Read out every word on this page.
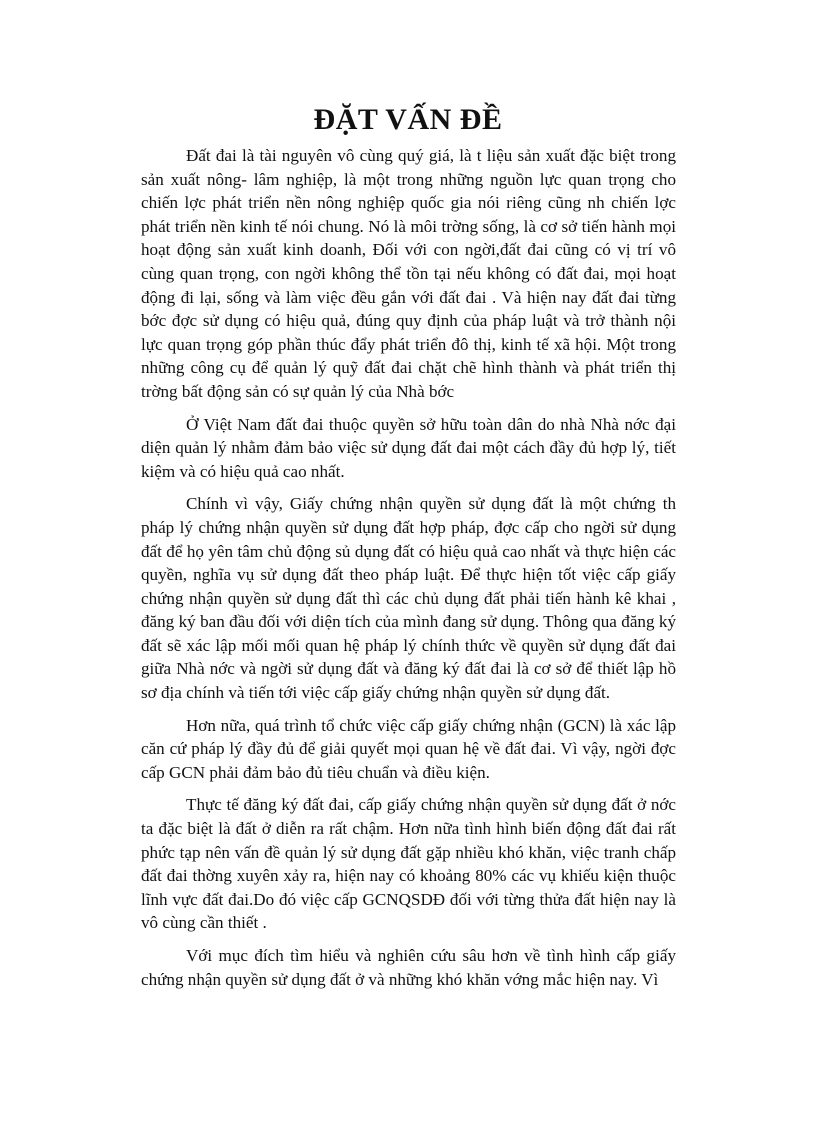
ĐẶT VẤN ĐỀ

Đất đai là tài nguyên vô cùng quý giá, là t liệu sản xuất đặc biệt trong sản xuất nông- lâm nghiệp, là một trong những nguồn lực quan trọng cho chiến lợc phát triển nền nông nghiệp quốc gia nói riêng cũng nh chiến lợc phát triển nền kinh tế nói chung. Nó là môi trờng sống, là cơ sở tiến hành mọi hoạt động sản xuất kinh doanh, Đối với con ngời,đất đai cũng có vị trí vô cùng quan trọng, con ngời không thể tồn tại nếu không có đất đai, mọi hoạt động đi lại, sống và làm việc đều gắn với đất đai . Và hiện nay đất đai từng bớc đợc sử dụng có hiệu quả, đúng quy định của pháp luật và trở thành nội lực quan trọng góp phần thúc đẩy phát triển đô thị, kinh tế xã hội. Một trong những công cụ để quản lý quỹ đất đai chặt chẽ hình thành và phát triển thị trờng bất động sản có sự quản lý của Nhà bớc

Ở Việt Nam đất đai thuộc quyền sở hữu toàn dân do nhà Nhà nớc đại diện quản lý nhằm đảm bảo việc sử dụng đất đai một cách đầy đủ hợp lý, tiết kiệm và có hiệu quả cao nhất.

Chính vì vậy, Giấy chứng nhận quyền sử dụng đất là một chứng th pháp lý chứng nhận quyền sử dụng đất hợp pháp, đợc cấp cho ngời sử dụng đất để họ yên tâm chủ động sủ dụng đất có hiệu quả cao nhất và thực hiện các quyền, nghĩa vụ sử dụng đất theo pháp luật. Để thực hiện tốt việc cấp giấy chứng nhận quyền sử dụng đất thì các chủ dụng đất phải tiến hành kê khai , đăng ký ban đầu đối với diện tích của mình đang sử dụng. Thông qua đăng ký đất sẽ xác lập mối mối quan hệ pháp lý chính thức về quyền sử dụng đất đai giữa Nhà nớc và ngời sử dụng đất và đăng ký đất đai là cơ sở để thiết lập hồ sơ địa chính và tiến tới việc cấp giấy chứng nhận quyền sử dụng đất.

Hơn nữa, quá trình tổ chức việc cấp giấy chứng nhận (GCN) là xác lập căn cứ pháp lý đầy đủ để giải quyết mọi quan hệ về đất đai. Vì vậy, ngời đợc cấp GCN phải đảm bảo đủ tiêu chuẩn và điều kiện.

Thực tế đăng ký đất đai, cấp giấy chứng nhận quyền sử dụng đất ở nớc ta đặc biệt là đất ở diễn ra rất chậm. Hơn nữa tình hình biến động đất đai rất phức tạp nên vấn đề quản lý sử dụng đất gặp nhiều khó khăn, việc tranh chấp đất đai thờng xuyên xảy ra, hiện nay có khoảng 80% các vụ khiếu kiện thuộc lĩnh vực đất đai.Do đó việc cấp GCNQSDĐ đối với từng thửa đất hiện nay là vô cùng cần thiết .

Với mục đích tìm hiểu và nghiên cứu sâu hơn về tình hình cấp giấy chứng nhận quyền sử dụng đất ở và những khó khăn vớng mắc hiện nay. Vì
